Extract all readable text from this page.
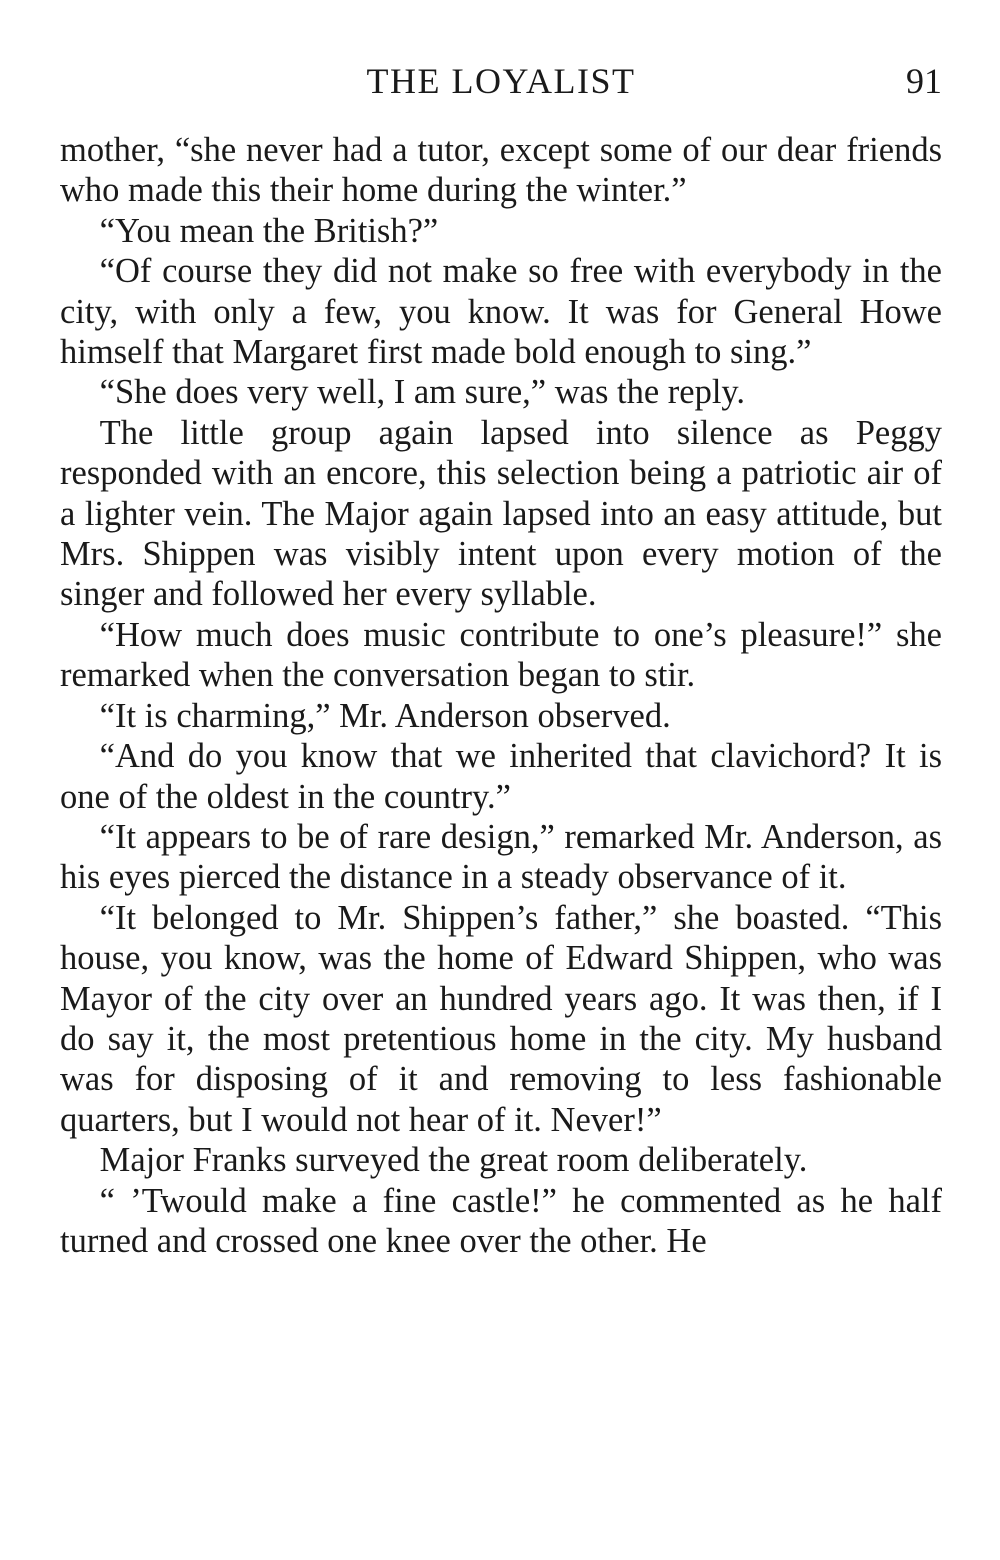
THE LOYALIST	91

mother, “she never had a tutor, except some of our dear friends who made this their home during the winter.”

“You mean the British?”

“Of course they did not make so free with everybody in the city, with only a few, you know. It was for General Howe himself that Margaret first made bold enough to sing.”

“She does very well, I am sure,” was the reply.

The little group again lapsed into silence as Peggy responded with an encore, this selection being a patriotic air of a lighter vein. The Major again lapsed into an easy attitude, but Mrs. Shippen was visibly intent upon every motion of the singer and followed her every syllable.

“How much does music contribute to one’s pleasure!” she remarked when the conversation began to stir.

“It is charming,” Mr. Anderson observed.

“And do you know that we inherited that clavichord? It is one of the oldest in the country.”

“It appears to be of rare design,” remarked Mr. Anderson, as his eyes pierced the distance in a steady observance of it.

“It belonged to Mr. Shippen’s father,” she boasted. “This house, you know, was the home of Edward Shippen, who was Mayor of the city over an hundred years ago. It was then, if I do say it, the most pretentious home in the city. My husband was for disposing of it and removing to less fashionable quarters, but I would not hear of it. Never!”

Major Franks surveyed the great room deliberately.

“ ’Twould make a fine castle!” he commented as he half turned and crossed one knee over the other. He
